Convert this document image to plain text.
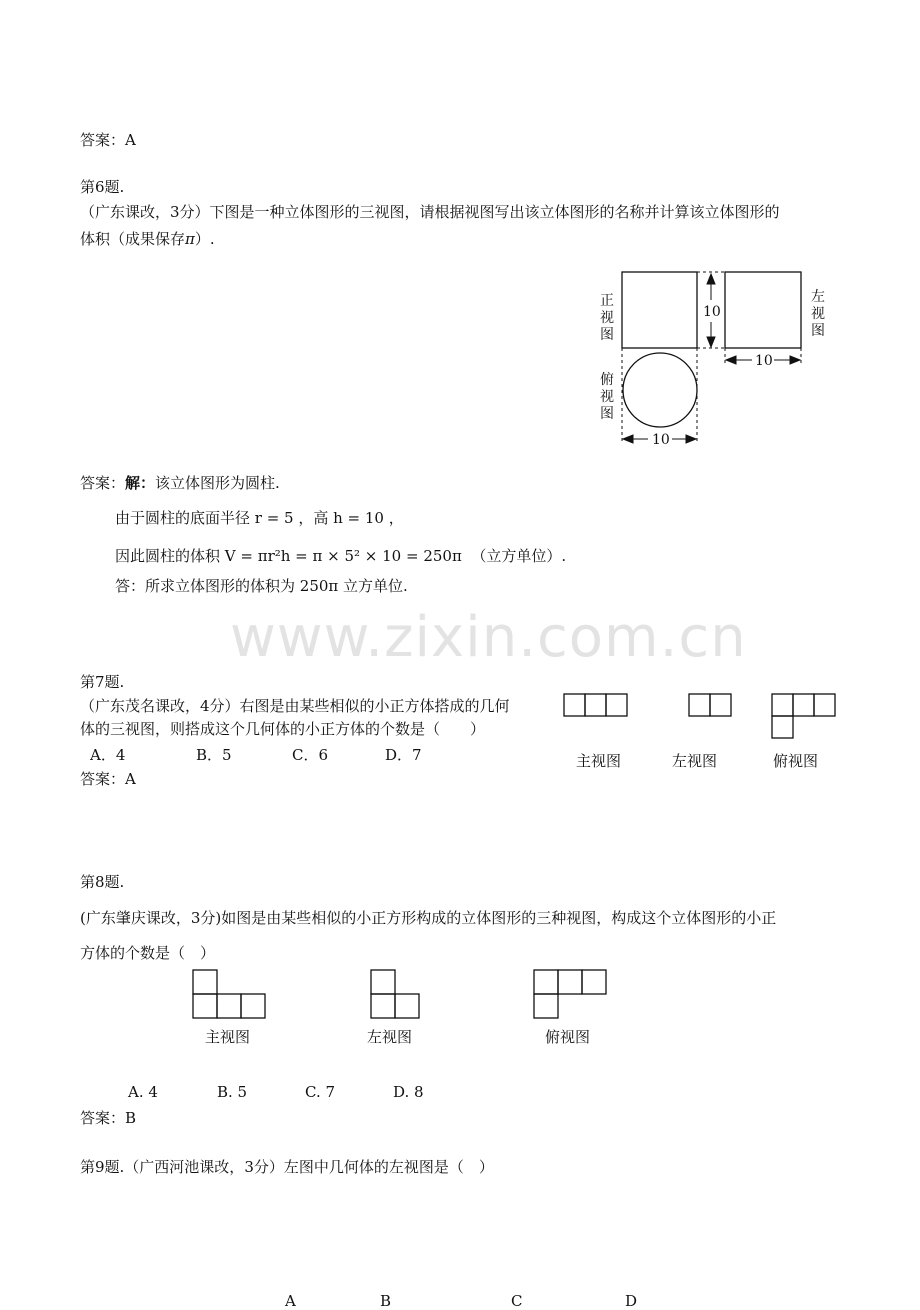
www.zixin.com.cn
答案：A
第6题.
（广东课改，3分）下图是一种立体图形的三视图，请根据视图写出该立体图形的名称并计算该立体图形的
体积（成果保存π）.
10
10
10
正
视
图
左
视
图
俯
视
图
答案：解：该立体图形为圆柱.
由于圆柱的底面半径 r = 5 ，高 h = 10 ，
因此圆柱的体积 V = πr²h = π × 5² × 10 = 250π （立方单位）.
答：所求立体图形的体积为 250π 立方单位.
第7题.
（广东茂名课改，4分）右图是由某些相似的小正方体搭成的几何
体的三视图，则搭成这个几何体的小正方体的个数是（　　）
A．4	B．5	C．6	D．7
答案：A
主视图	左视图	俯视图
第8题.
(广东肇庆课改，3分)如图是由某些相似的小正方形构成的立体图形的三种视图，构成这个立体图形的小正
方体的个数是（　）
主视图	左视图	俯视图
A. 4	B. 5	C. 7	D. 8
答案：B
第9题.（广西河池课改，3分）左图中几何体的左视图是（　）
A	B	C	D
